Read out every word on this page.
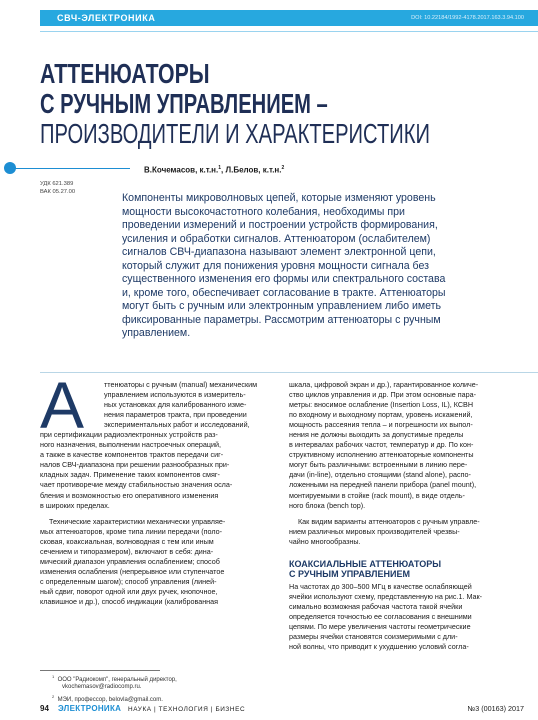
СВЧ-ЭЛЕКТРОНИКА	DOI: 10.22184/1992-4178.2017.163.3.94.100
АТТЕНЮАТОРЫ
С РУЧНЫМ УПРАВЛЕНИЕМ –
ПРОИЗВОДИТЕЛИ И ХАРАКТЕРИСТИКИ
В.Кочемасов, к.т.н.$^1$, Л.Белов, к.т.н.$^2$
УДК 621.389
ВАК 05.27.00	Компоненты микроволновых цепей, которые изменяют уровень
мощности высокочастотного колебания, необходимы при
проведении измерений и построении устройств формирования,
усиления и обработки сигналов. Аттенюатором (ослабителем)
сигналов СВЧ-диапазона называют элемент электронной цепи,
который служит для понижения уровня мощности сигнала без
существенного изменения его формы или спектрального состава
и, кроме того, обеспечивает согласование в тракте. Аттенюаторы
могут быть с ручным или электронным управлением либо иметь
фиксированные параметры. Рассмотрим аттенюаторы с ручным
управлением.
А	ттенюаторы с ручным (manual) механическим
управлением используются в измеритель-
ных установках для калиброванного изме-
нения параметров тракта, при проведении
экспериментальных работ и исследований,
при сертификации радиоэлектронных устройств раз-
ного назначения, выполнении настроечных операций,
а также в качестве компонентов трактов передачи сиг-
налов СВЧ-диапазона при решении разнообразных при-
кладных задач. Применение таких компонентов смяг-
чает противоречие между стабильностью значения осла-
бления и возможностью его оперативного изменения
в широких пределах.
Технические характеристики механически управляе-
мых аттенюаторов, кроме типа линии передачи (поло-
сковая, коаксиальная, волноводная с тем или иным
сечением и типоразмером), включают в себя: дина-
мический диапазон управления ослаблением; способ
изменения ослабления (непрерывное или ступенчатое
с определенным шагом); способ управления (линей-
ный сдвиг, поворот одной или двух ручек, кнопочное,
клавишное и др.), способ индикации (калиброванная
шкала, цифровой экран и др.), гарантированное количе-
ство циклов управления и др. При этом основные пара-
метры: вносимое ослабление (Insertion Loss, IL), КСВН
по входному и выходному портам, уровень искажений,
мощность рассеяния тепла – и погрешности их выпол-
нения не должны выходить за допустимые пределы
в интервалах рабочих частот, температур и др. По кон-
структивному исполнению аттенюаторные компоненты
могут быть различными: встроенными в линию пере-
дачи (in-line), отдельно стоящими (stand alone), распо-
ложенными на передней панели прибора (panel mount),
монтируемыми в стойке (rack mount), в виде отдель-
ного блока (bench top).
Как видим варианты аттенюаторов с ручным управле-
нием различных мировых производителей чрезвы-
чайно многообразны.
КОАКСИАЛЬНЫЕ АТТЕНЮАТОРЫ
С РУЧНЫМ УПРАВЛЕНИЕМ
На частотах до 300–500 МГц в качестве ослабляющей
ячейки используют схему, представленную на рис.1. Мак-
симально возможная рабочая частота такой ячейки
определяется точностью ее согласования с внешними
цепями. По мере увеличения частоты геометрические
размеры ячейки становятся соизмеримыми с дли-
ной волны, что приводит к ухудшению условий согла-
$^1$  ООО "Радиокомп", генеральный директор,
vkochemasov@radiocomp.ru.
$^2$  МЭИ, профессор, belovla@gmail.com.
94 ЭЛЕКТРОНИКА НАУКА | ТЕХНОЛОГИЯ | БИЗНЕС	№3 (00163) 2017
